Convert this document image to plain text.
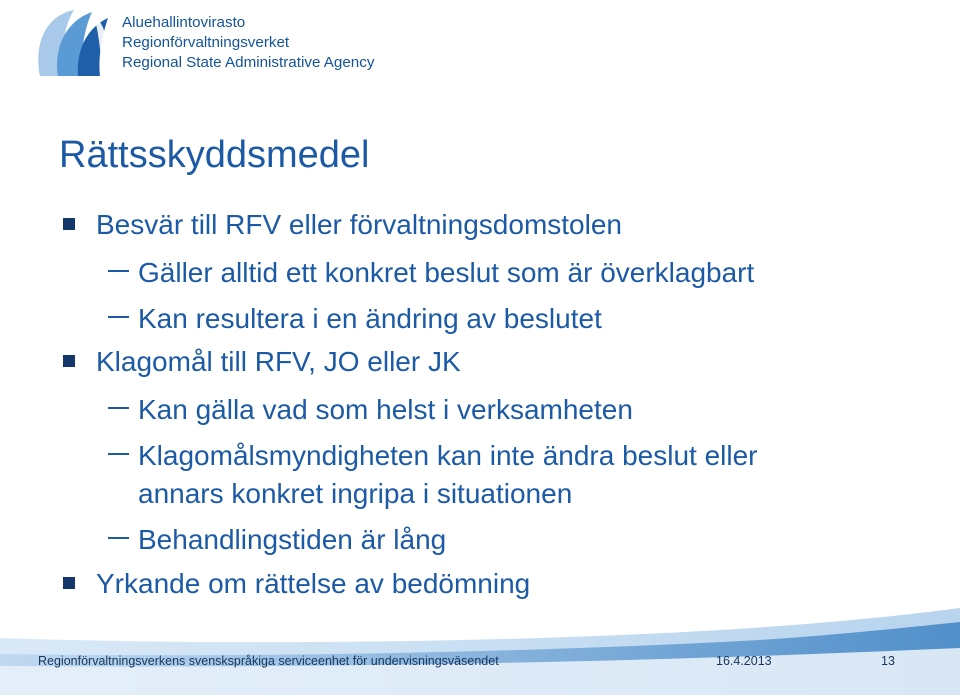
Aluehallintovirasto
Regionförvaltningsverket
Regional State Administrative Agency
Rättsskyddsmedel
Besvär till RFV eller förvaltningsdomstolen
Gäller alltid ett konkret beslut som är överklagbart
Kan resultera i en ändring av beslutet
Klagomål till RFV, JO eller JK
Kan gälla vad som helst i verksamheten
Klagomålsmyndigheten kan inte ändra beslut eller
annars konkret ingripa i situationen
Behandlingstiden är lång
Yrkande om rättelse av bedömning
Regionförvaltningsverkens svenskspråkiga serviceenhet för undervisningsväsendet	16.4.2013	13
